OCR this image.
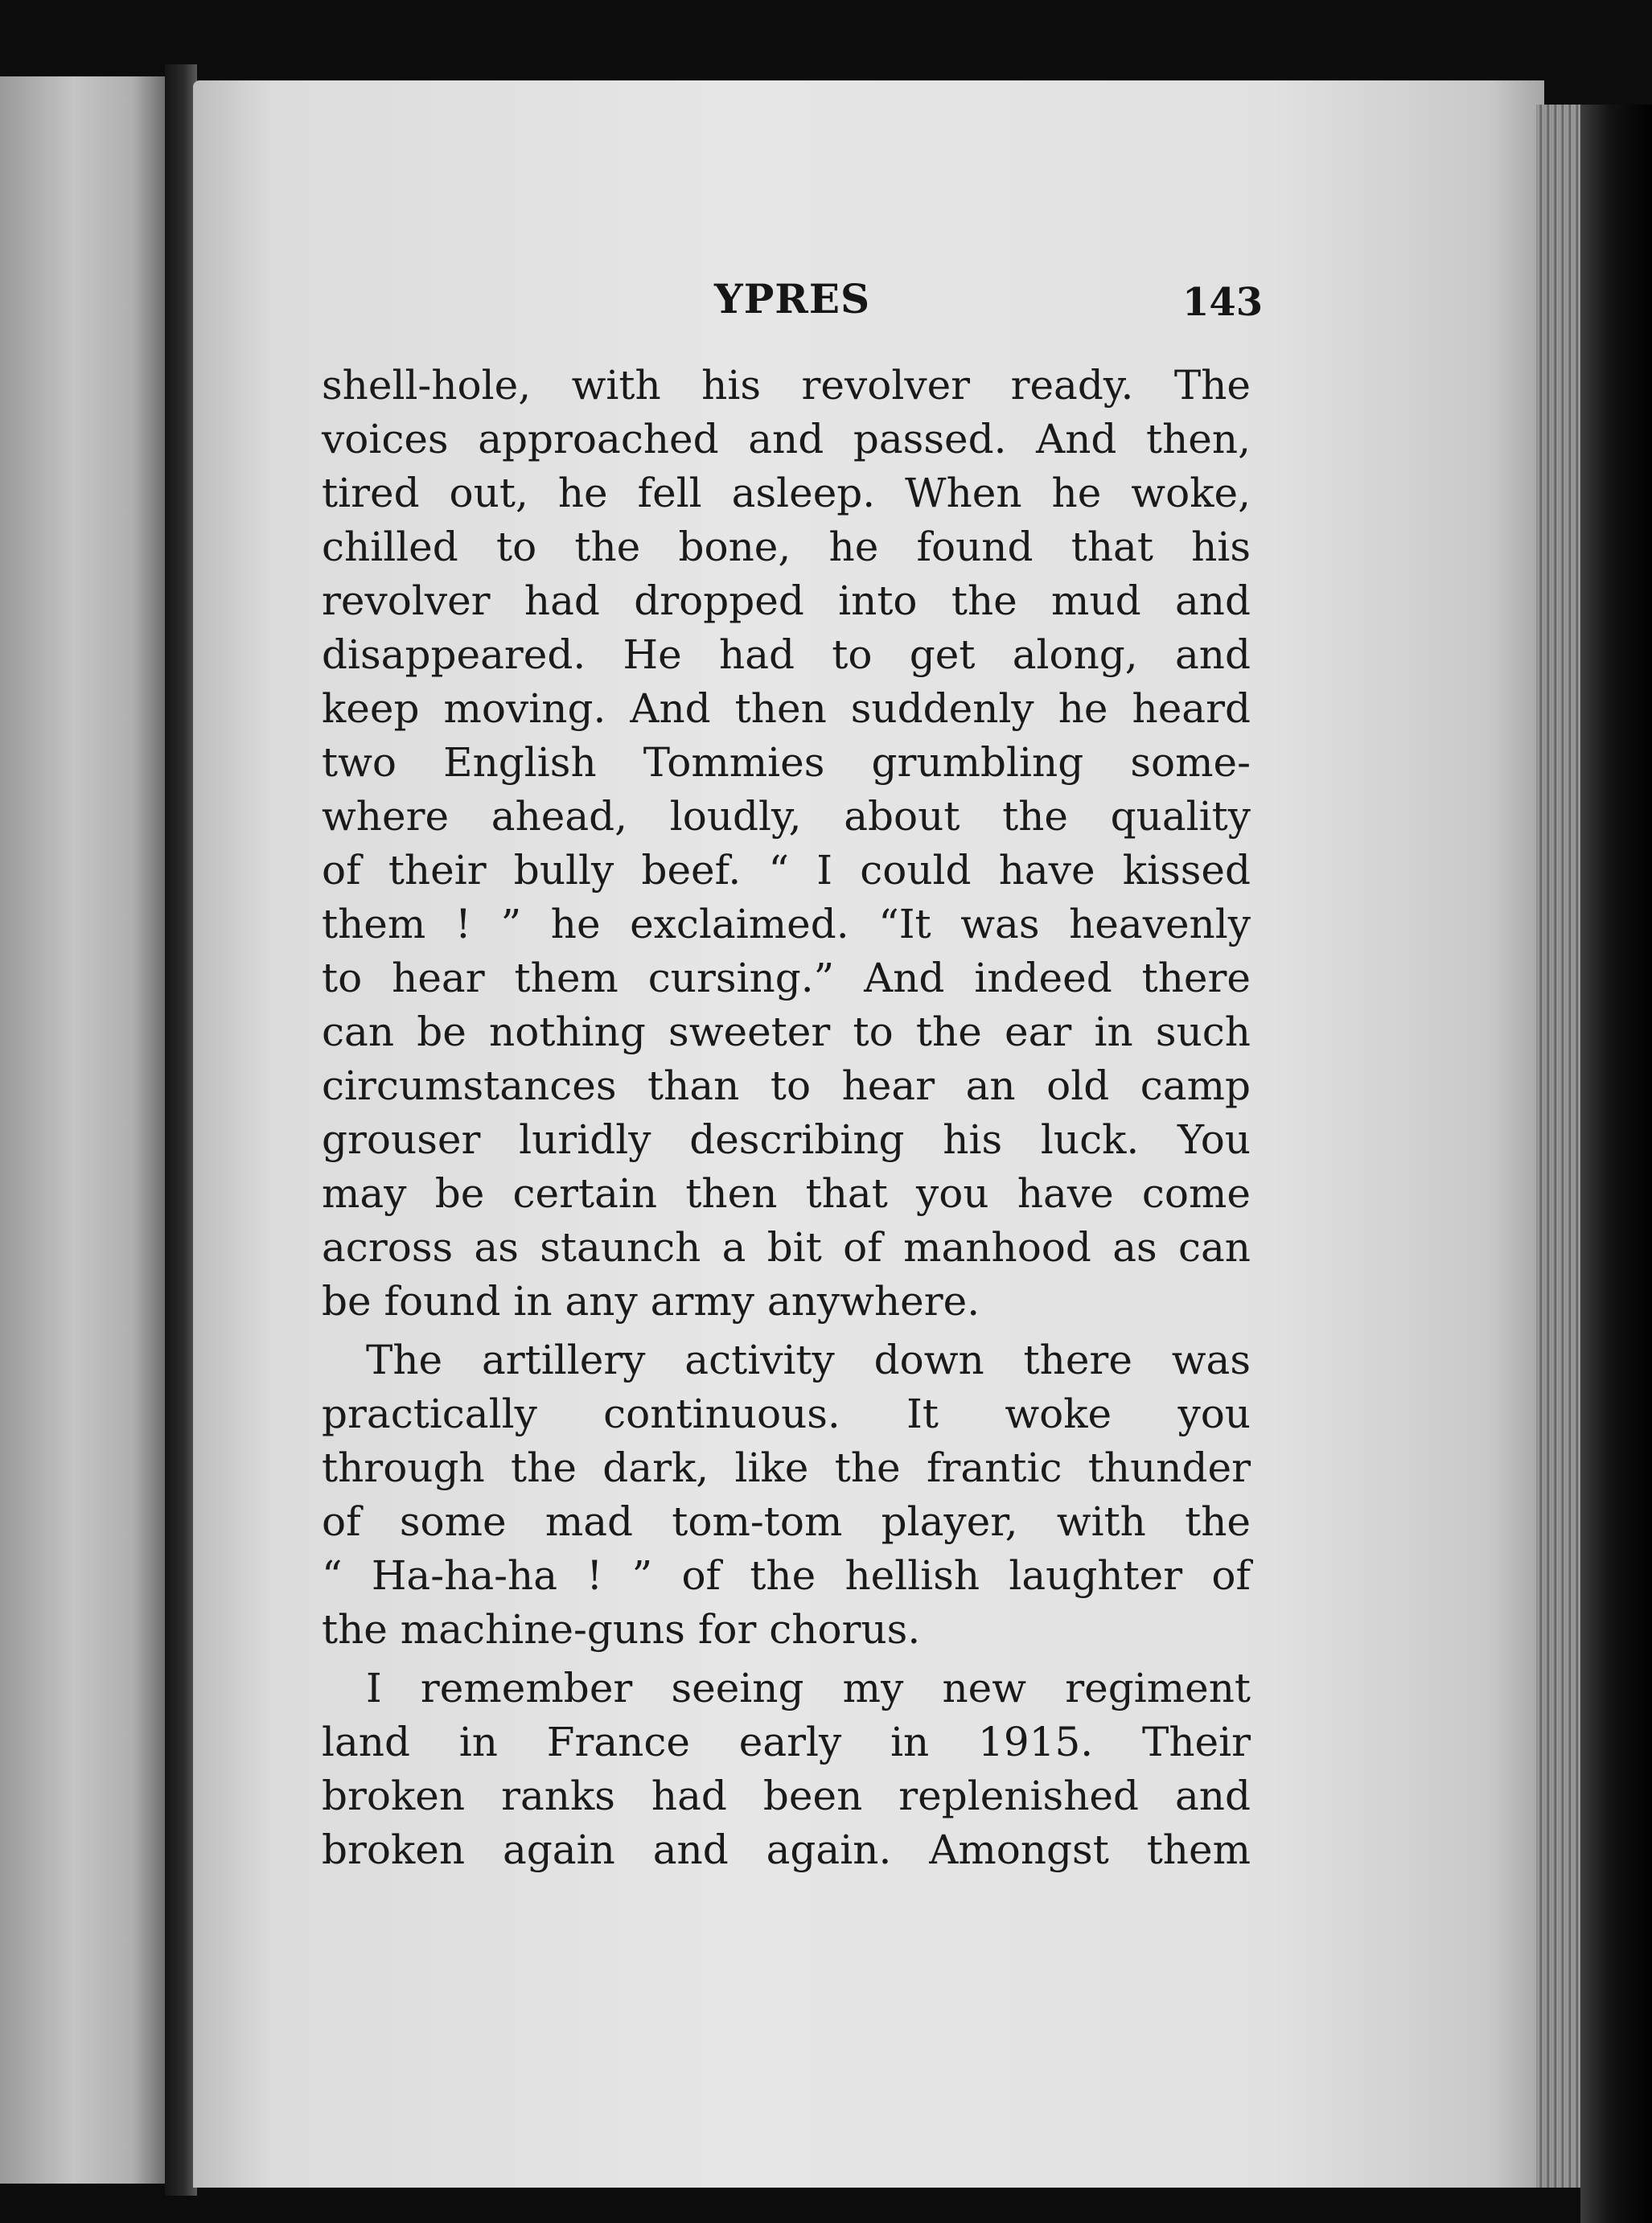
YPRES	143
shell-hole, with his revolver ready. The
voices approached and passed. And then,
tired out, he fell asleep. When he woke,
chilled to the bone, he found that his
revolver had dropped into the mud and
disappeared. He had to get along, and
keep moving. And then suddenly he heard
two English Tommies grumbling some-
where ahead, loudly, about the quality
of their bully beef. “ I could have kissed
them ! ” he exclaimed. “It was heavenly
to hear them cursing.” And indeed there
can be nothing sweeter to the ear in such
circumstances than to hear an old camp
grouser luridly describing his luck. You
may be certain then that you have come
across as staunch a bit of manhood as can
be found in any army anywhere.
The artillery activity down there was
practically continuous. It woke you
through the dark, like the frantic thunder
of some mad tom-tom player, with the
“ Ha-ha-ha ! ” of the hellish laughter of
the machine-guns for chorus.
I remember seeing my new regiment
land in France early in 1915. Their
broken ranks had been replenished and
broken again and again. Amongst them
